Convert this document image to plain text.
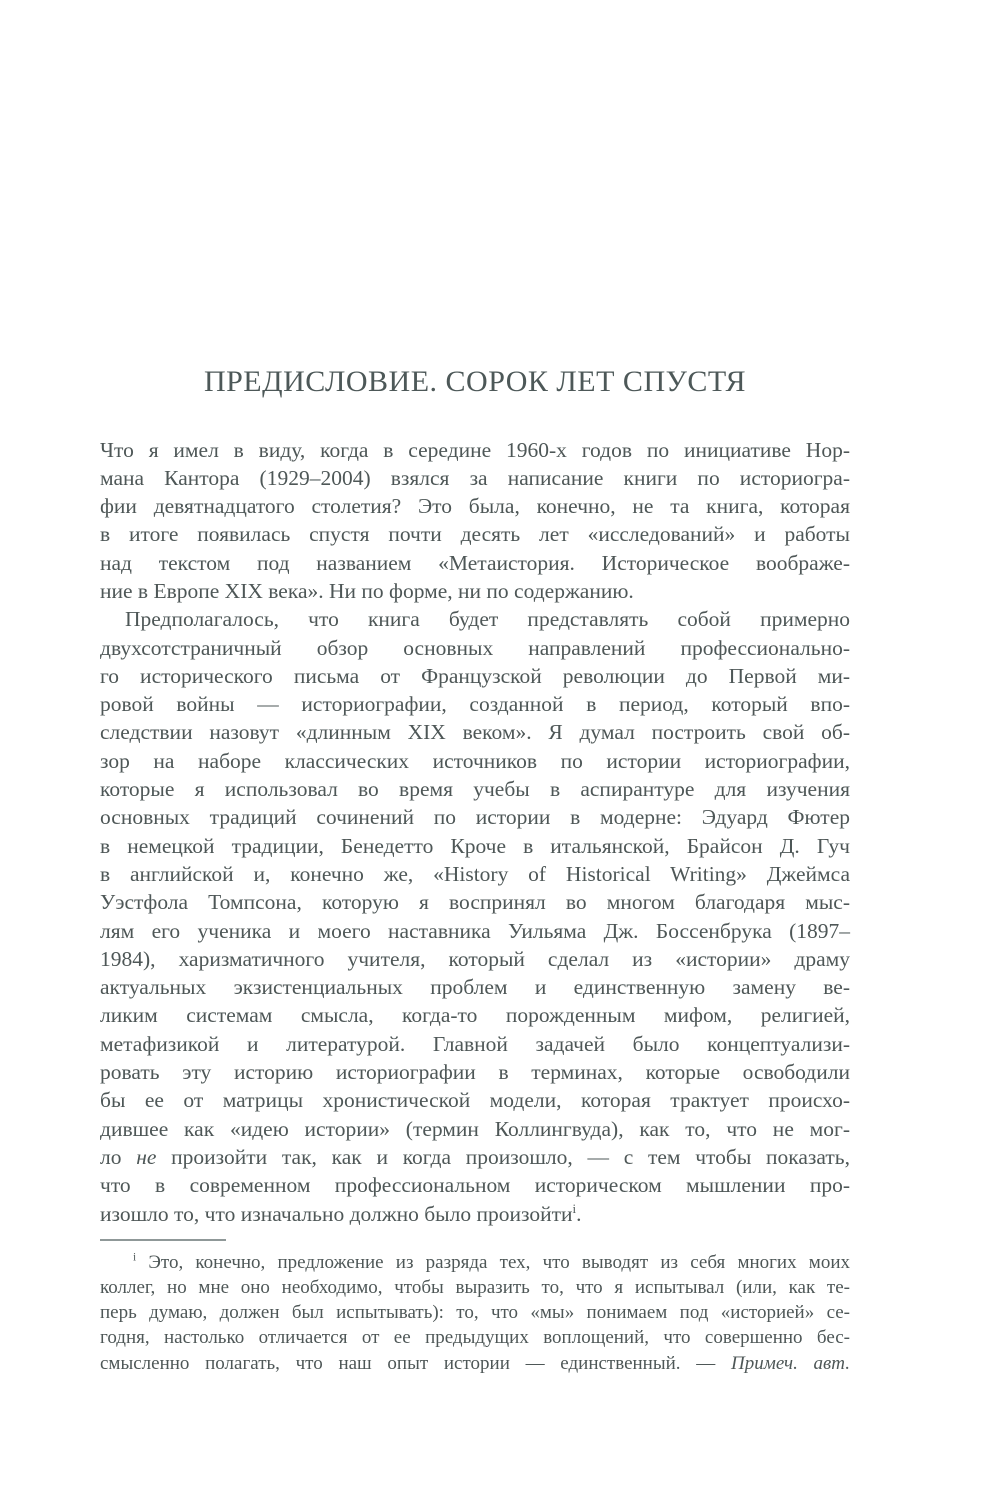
ПРЕДИСЛОВИЕ. СОРОК ЛЕТ СПУСТЯ
Что я имел в виду, когда в середине 1960-х годов по инициативе Нор-
мана Кантора (1929–2004) взялся за написание книги по историогра-
фии девятнадцатого столетия? Это была, конечно, не та книга, которая
в итоге появилась спустя почти десять лет «исследований» и работы
над текстом под названием «Метаистория. Историческое воображе-
ние в Европе XIX века». Ни по форме, ни по содержанию.
Предполагалось, что книга будет представлять собой примерно
двухсотстраничный обзор основных направлений профессионально-
го исторического письма от Французской революции до Первой ми-
ровой войны — историографии, созданной в период, который впо-
следствии назовут «длинным XIX веком». Я думал построить свой об-
зор на наборе классических источников по истории историографии,
которые я использовал во время учебы в аспирантуре для изучения
основных традиций сочинений по истории в модерне: Эдуард Фютер
в немецкой традиции, Бенедетто Кроче в итальянской, Брайсон Д. Гуч
в английской и, конечно же, «History of Historical Writing» Джеймса
Уэстфола Томпсона, которую я воспринял во многом благодаря мыс-
лям его ученика и моего наставника Уильяма Дж. Боссенбрука (1897–
1984), харизматичного учителя, который сделал из «истории» драму
актуальных экзистенциальных проблем и единственную замену ве-
ликим системам смысла, когда-то порожденным мифом, религией,
метафизикой и литературой. Главной задачей было концептуализи-
ровать эту историю историографии в терминах, которые освободили
бы ее от матрицы хронистической модели, которая трактует происхо-
дившее как «идею истории» (термин Коллингвуда), как то, что не мог-
ло не произойти так, как и когда произошло, — с тем чтобы показать,
что в современном профессиональном историческом мышлении про-
изошло то, что изначально должно было произойти$^i$.
$^i$ Это, конечно, предложение из разряда тех, что выводят из себя многих моих
коллег, но мне оно необходимо, чтобы выразить то, что я испытывал (или, как те-
перь думаю, должен был испытывать): то, что «мы» понимаем под «историей» се-
годня, настолько отличается от ее предыдущих воплощений, что совершенно бес-
смысленно полагать, что наш опыт истории — единственный. — Примеч. авт.
